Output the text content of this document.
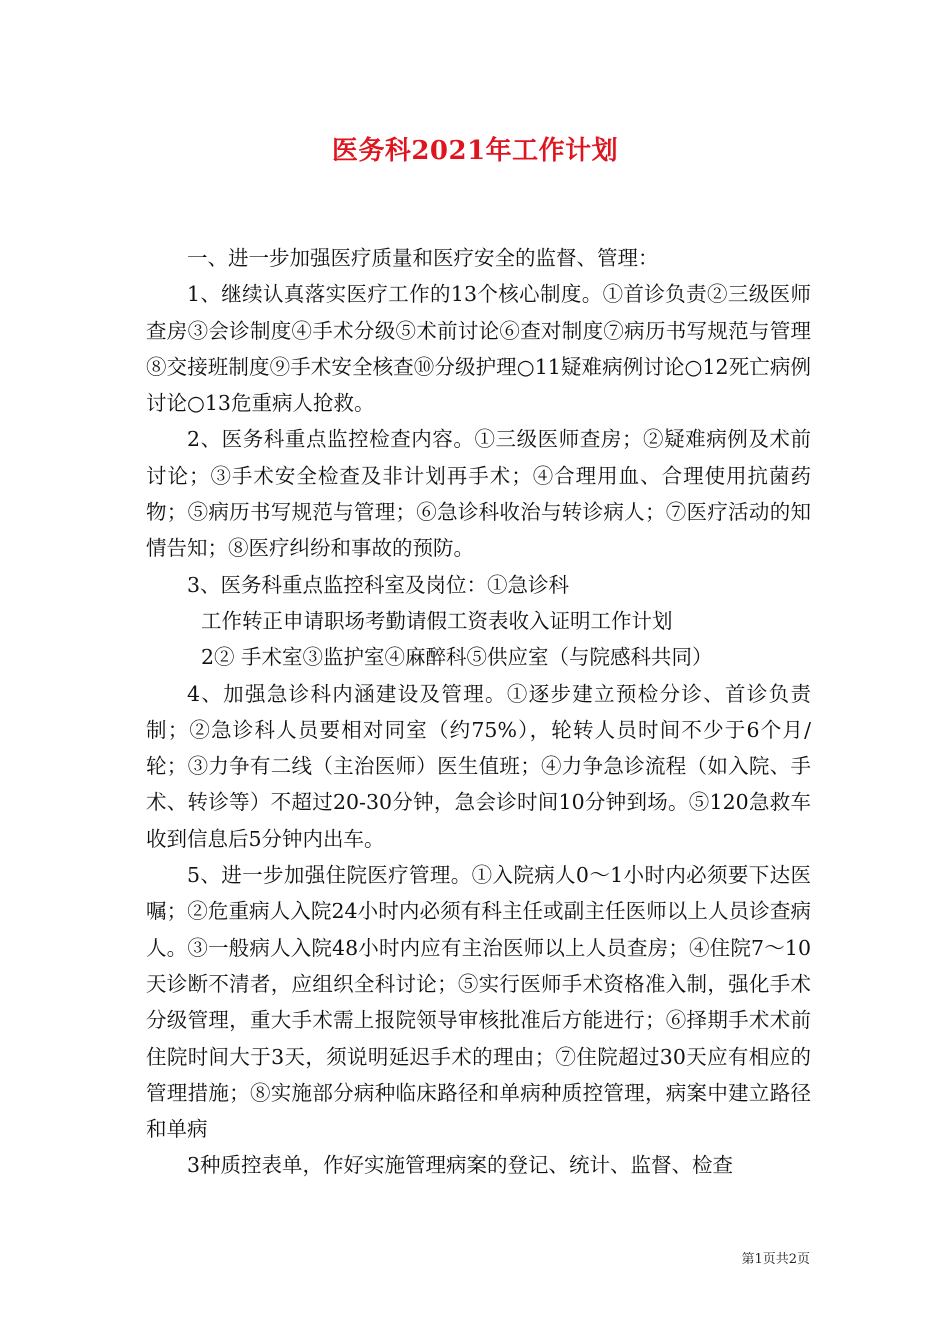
医务科2021年工作计划

一、进一步加强医疗质量和医疗安全的监督、管理：

1、继续认真落实医疗工作的13个核心制度。①首诊负责②三级医师查房③会诊制度④手术分级⑤术前讨论⑥查对制度⑦病历书写规范与管理⑧交接班制度⑨手术安全核查⑩分级护理○11疑难病例讨论○12死亡病例讨论○13危重病人抢救。

2、医务科重点监控检查内容。①三级医师查房；②疑难病例及术前讨论；③手术安全检查及非计划再手术；④合理用血、合理使用抗菌药物；⑤病历书写规范与管理；⑥急诊科收治与转诊病人；⑦医疗活动的知情告知；⑧医疗纠纷和事故的预防。

3、医务科重点监控科室及岗位：①急诊科

工作转正申请职场考勤请假工资表收入证明工作计划

2② 手术室③监护室④麻醉科⑤供应室（与院感科共同）

4、加强急诊科内涵建设及管理。①逐步建立预检分诊、首诊负责制；②急诊科人员要相对同室（约75%），轮转人员时间不少于6个月/轮；③力争有二线（主治医师）医生值班；④力争急诊流程（如入院、手术、转诊等）不超过20-30分钟，急会诊时间10分钟到场。⑤120急救车收到信息后5分钟内出车。

5、进一步加强住院医疗管理。①入院病人0～1小时内必须要下达医嘱；②危重病人入院24小时内必须有科主任或副主任医师以上人员诊查病人。③一般病人入院48小时内应有主治医师以上人员查房；④住院7～10天诊断不清者，应组织全科讨论；⑤实行医师手术资格准入制，强化手术分级管理，重大手术需上报院领导审核批准后方能进行；⑥择期手术术前住院时间大于3天，须说明延迟手术的理由；⑦住院超过30天应有相应的管理措施；⑧实施部分病种临床路径和单病种质控管理，病案中建立路径和单病

3种质控表单，作好实施管理病案的登记、统计、监督、检查

第1页共2页
